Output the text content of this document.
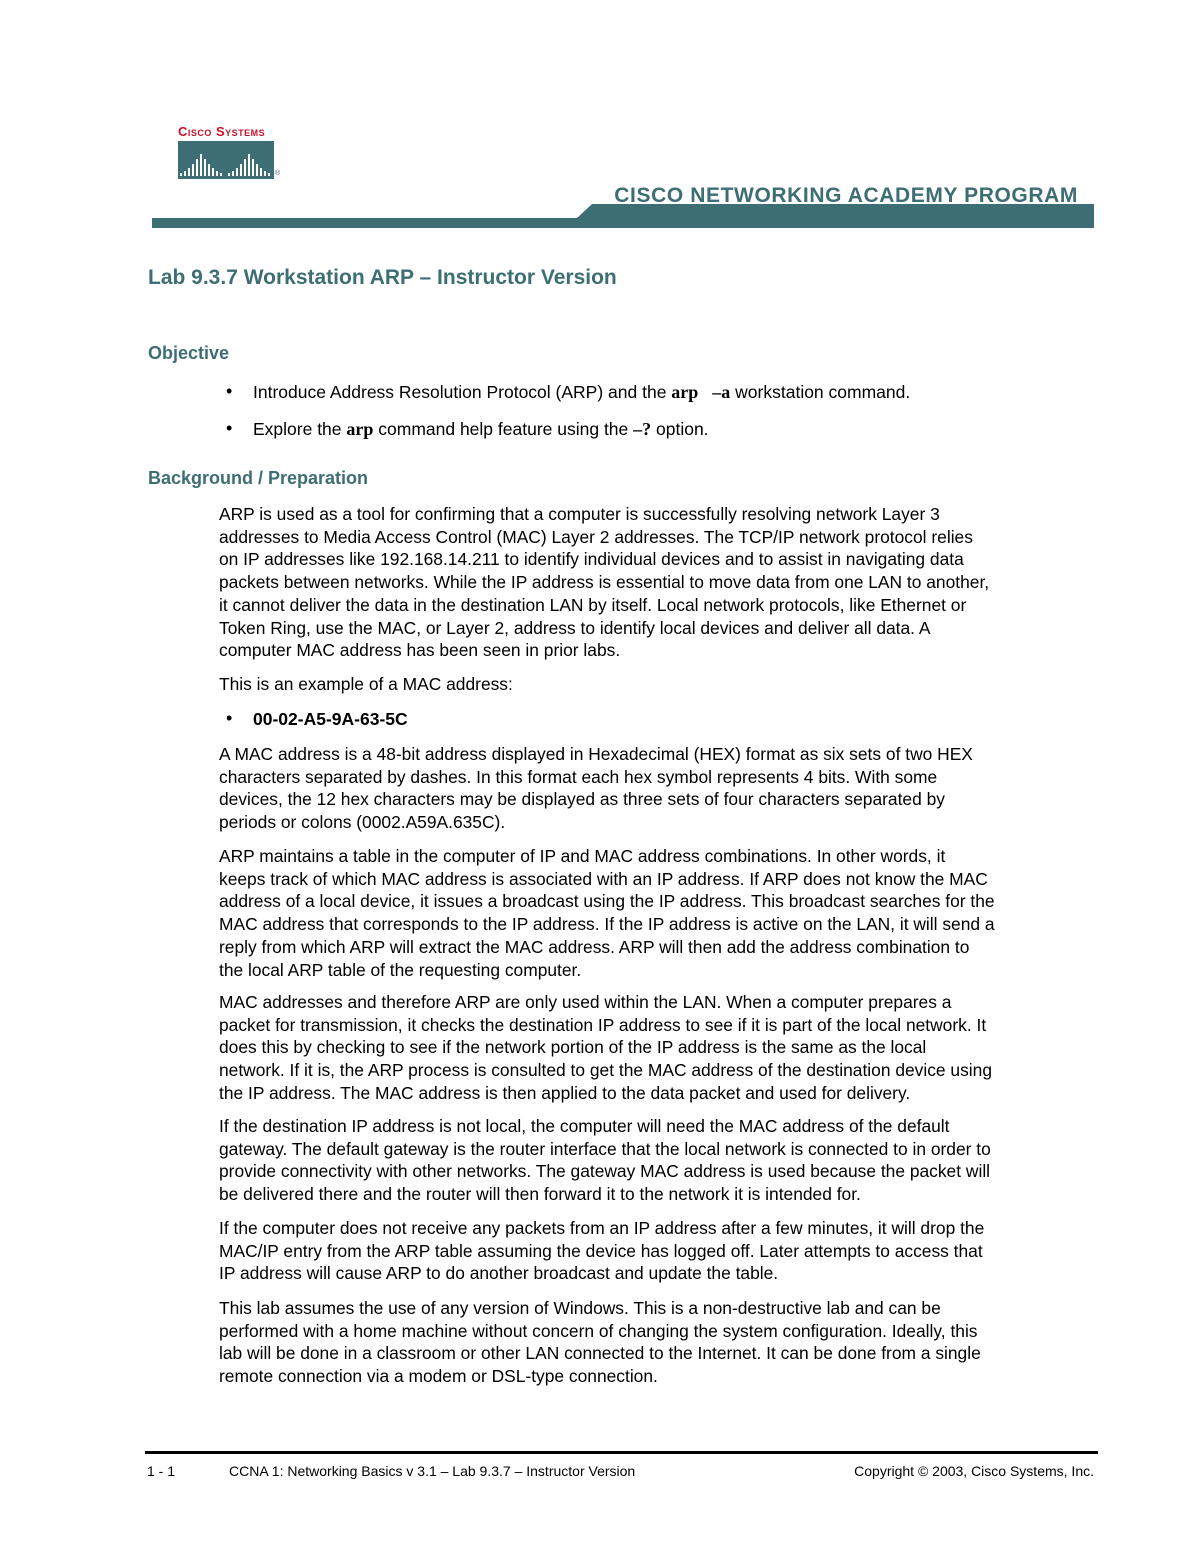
Cisco Systems
®
CISCO NETWORKING ACADEMY PROGRAM
Lab 9.3.7 Workstation ARP – Instructor Version
Objective
• Introduce Address Resolution Protocol (ARP) and the arp –a workstation command.
• Explore the arp command help feature using the –? option.
Background / Preparation
ARP is used as a tool for confirming that a computer is successfully resolving network Layer 3
addresses to Media Access Control (MAC) Layer 2 addresses. The TCP/IP network protocol relies
on IP addresses like 192.168.14.211 to identify individual devices and to assist in navigating data
packets between networks. While the IP address is essential to move data from one LAN to another,
it cannot deliver the data in the destination LAN by itself. Local network protocols, like Ethernet or
Token Ring, use the MAC, or Layer 2, address to identify local devices and deliver all data. A
computer MAC address has been seen in prior labs.
This is an example of a MAC address:
• 00-02-A5-9A-63-5C
A MAC address is a 48-bit address displayed in Hexadecimal (HEX) format as six sets of two HEX
characters separated by dashes. In this format each hex symbol represents 4 bits. With some
devices, the 12 hex characters may be displayed as three sets of four characters separated by
periods or colons (0002.A59A.635C).
ARP maintains a table in the computer of IP and MAC address combinations. In other words, it
keeps track of which MAC address is associated with an IP address. If ARP does not know the MAC
address of a local device, it issues a broadcast using the IP address. This broadcast searches for the
MAC address that corresponds to the IP address. If the IP address is active on the LAN, it will send a
reply from which ARP will extract the MAC address. ARP will then add the address combination to
the local ARP table of the requesting computer.
MAC addresses and therefore ARP are only used within the LAN. When a computer prepares a
packet for transmission, it checks the destination IP address to see if it is part of the local network. It
does this by checking to see if the network portion of the IP address is the same as the local
network. If it is, the ARP process is consulted to get the MAC address of the destination device using
the IP address. The MAC address is then applied to the data packet and used for delivery.
If the destination IP address is not local, the computer will need the MAC address of the default
gateway. The default gateway is the router interface that the local network is connected to in order to
provide connectivity with other networks. The gateway MAC address is used because the packet will
be delivered there and the router will then forward it to the network it is intended for.
If the computer does not receive any packets from an IP address after a few minutes, it will drop the
MAC/IP entry from the ARP table assuming the device has logged off. Later attempts to access that
IP address will cause ARP to do another broadcast and update the table.
This lab assumes the use of any version of Windows. This is a non-destructive lab and can be
performed with a home machine without concern of changing the system configuration. Ideally, this
lab will be done in a classroom or other LAN connected to the Internet. It can be done from a single
remote connection via a modem or DSL-type connection.
1 - 1	CCNA 1: Networking Basics v 3.1 – Lab 9.3.7 – Instructor Version	Copyright © 2003, Cisco Systems, Inc.
